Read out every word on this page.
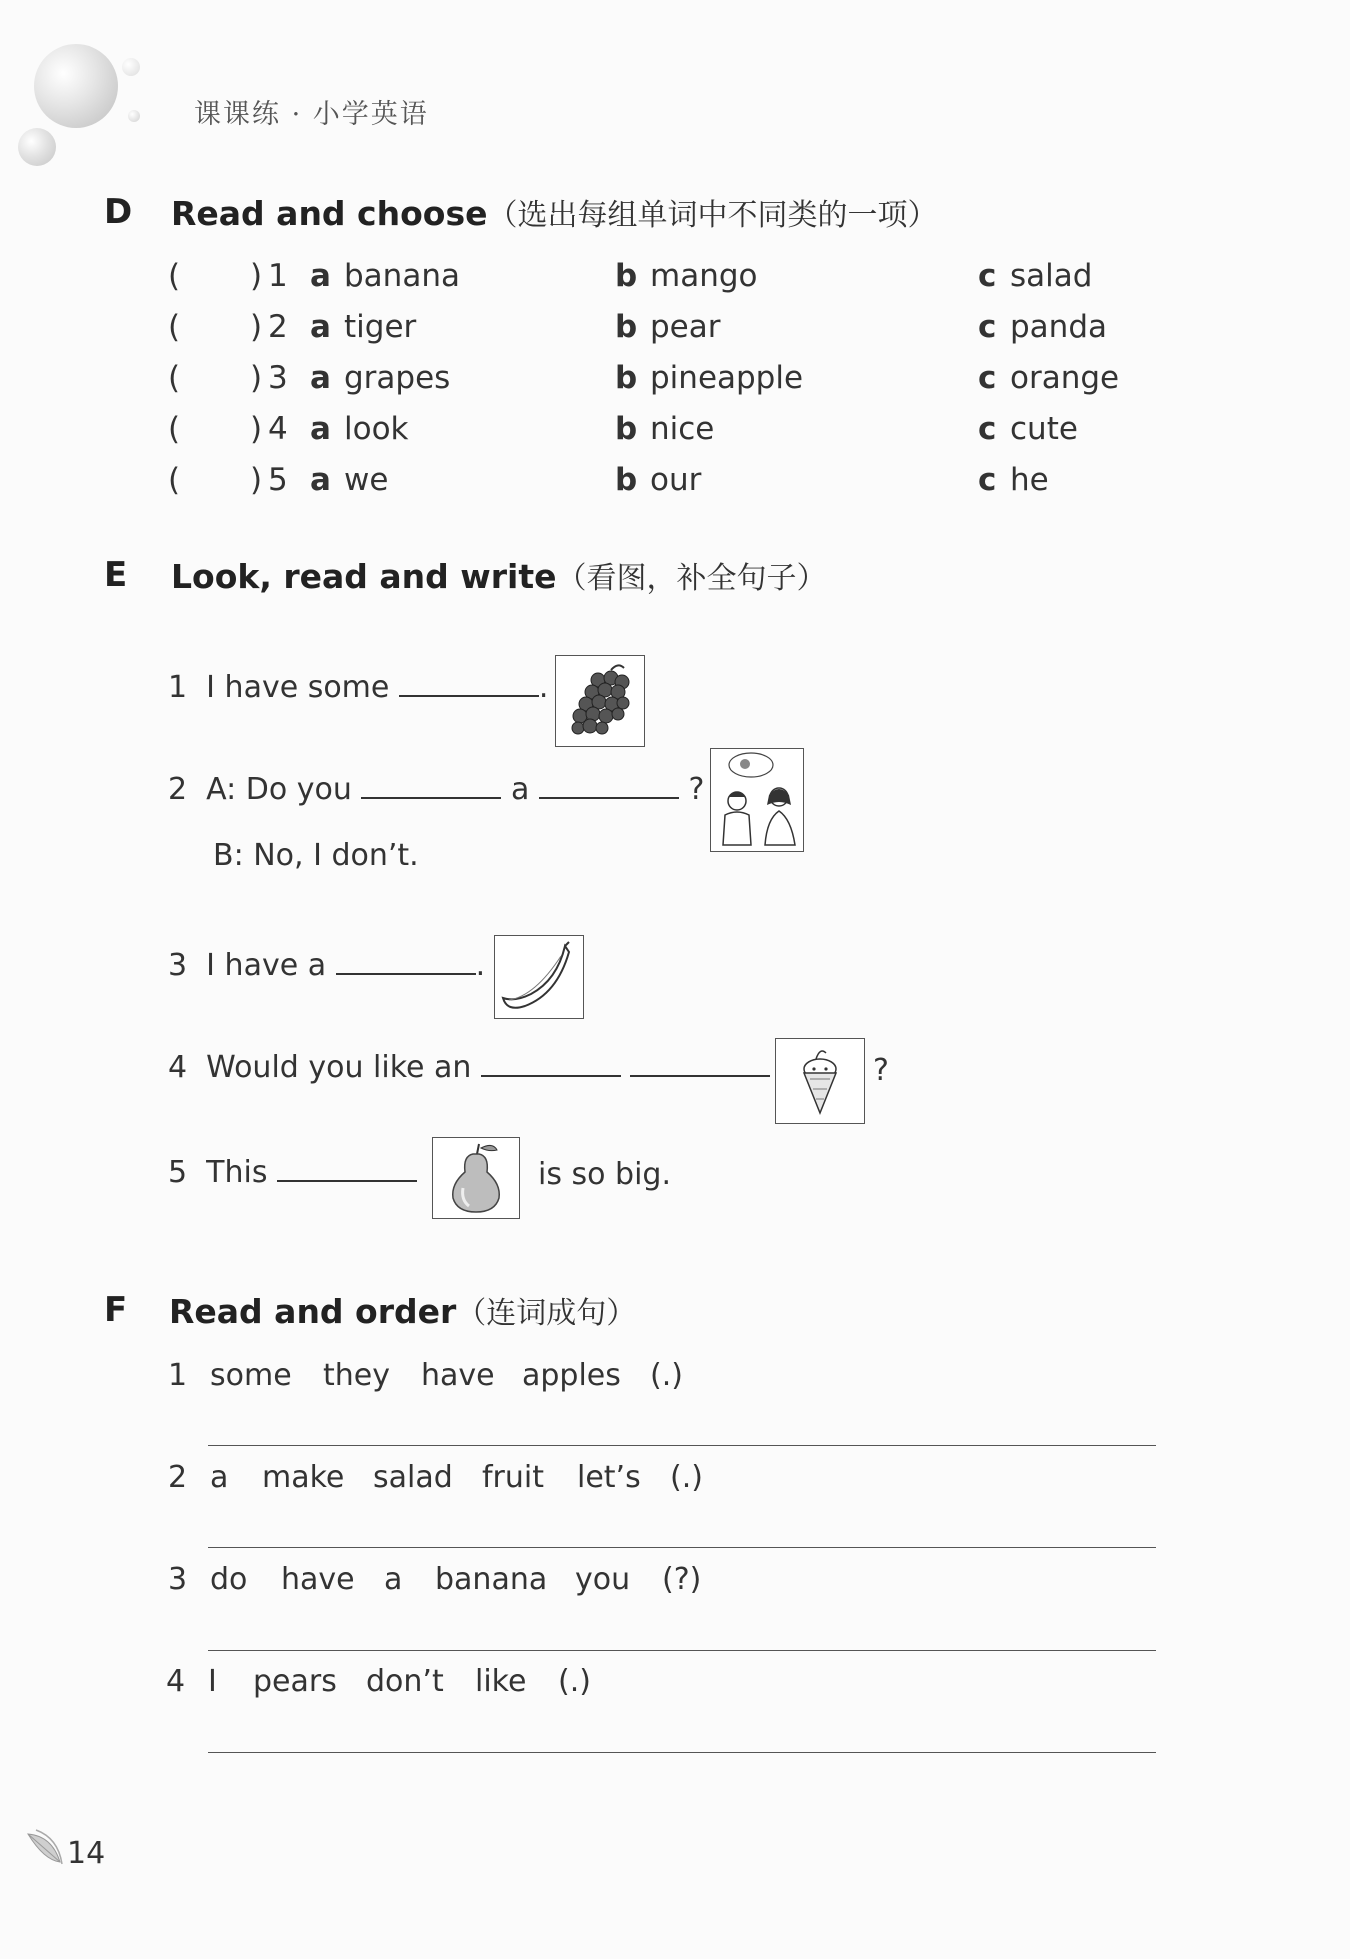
课课练 · 小学英语
D Read and choose（选出每组单词中不同类的一项）
( ) 1 a banana	b mango	c salad
( ) 2 a tiger	b pear	c panda
( ) 3 a grapes	b pineapple	c orange
( ) 4 a look	b nice	c cute
( ) 5 a we	b our	c he
E Look, read and write（看图，补全句子）
1 I have some	.
2 A: Do you	a	?
B: No, I don’t.
3 I have a	.
4 Would you like an	?
5 This	is so big.
F Read and order（连词成句）
1 some they have apples (.)
2 a make salad fruit let’s (.)
3 do have a banana you (?)
4 I pears don’t like (.)
14
